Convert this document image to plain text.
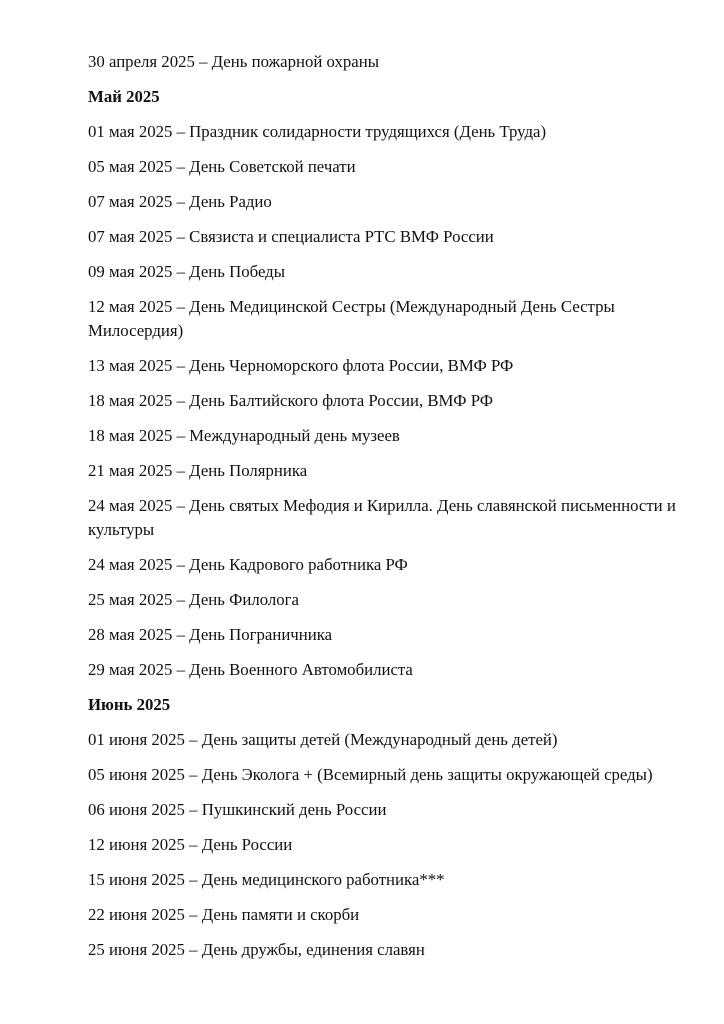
30 апреля 2025 – День пожарной охраны

Май 2025

01 мая 2025 – Праздник солидарности трудящихся (День Труда)

05 мая 2025 – День Советской печати

07 мая 2025 – День Радио

07 мая 2025 – Связиста и специалиста РТС ВМФ России

09 мая 2025 – День Победы

12 мая 2025 – День Медицинской Сестры (Международный День Сестры Милосердия)

13 мая 2025 – День Черноморского флота России, ВМФ РФ

18 мая 2025 – День Балтийского флота России, ВМФ РФ

18 мая 2025 – Международный день музеев

21 мая 2025 – День Полярника

24 мая 2025 – День святых Мефодия и Кирилла. День славянской письменности и культуры

24 мая 2025 – День Кадрового работника РФ

25 мая 2025 – День Филолога

28 мая 2025 – День Пограничника

29 мая 2025 – День Военного Автомобилиста

Июнь 2025

01 июня 2025 – День защиты детей (Международный день детей)

05 июня 2025 – День Эколога + (Всемирный день защиты окружающей среды)

06 июня 2025 – Пушкинский день России

12 июня 2025 – День России

15 июня 2025 – День медицинского работника***

22 июня 2025 – День памяти и скорби

25 июня 2025 – День дружбы, единения славян
